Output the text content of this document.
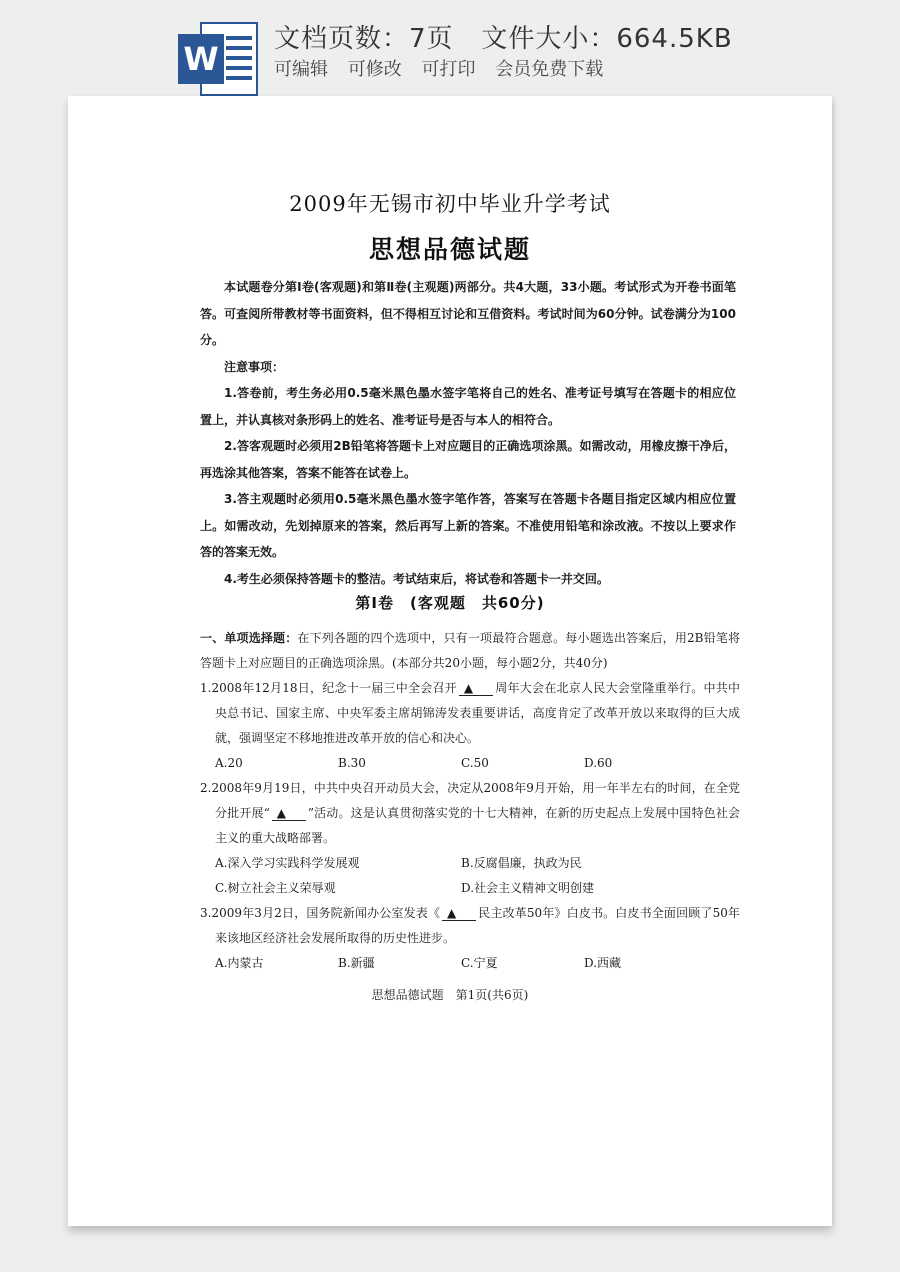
W
文档页数：7页   文件大小：664.5KB
可编辑 可修改 可打印 会员免费下载
2009年无锡市初中毕业升学考试
思想品德试题

本试题卷分第Ⅰ卷(客观题)和第Ⅱ卷(主观题)两部分。共4大题，33小题。考试形式为开卷书面笔答。可查阅所带教材等书面资料，但不得相互讨论和互借资料。考试时间为60分钟。试卷满分为100分。

注意事项：

1.答卷前，考生务必用0.5毫米黑色墨水签字笔将自己的姓名、准考证号填写在答题卡的相应位置上，并认真核对条形码上的姓名、准考证号是否与本人的相符合。

2.答客观题时必须用2B铅笔将答题卡上对应题目的正确选项涂黑。如需改动，用橡皮擦干净后，再选涂其他答案，答案不能答在试卷上。

3.答主观题时必须用0.5毫米黑色墨水签字笔作答，答案写在答题卡各题目指定区域内相应位置上。如需改动，先划掉原来的答案，然后再写上新的答案。不准使用铅笔和涂改液。不按以上要求作答的答案无效。

4.考生必须保持答题卡的整洁。考试结束后，将试卷和答题卡一并交回。

第Ⅰ卷　(客观题　共60分)

一、单项选择题：在下列各题的四个选项中，只有一项最符合题意。每小题选出答案后，用2B铅笔将答题卡上对应题目的正确选项涂黑。(本部分共20小题，每小题2分，共40分)

1.2008年12月18日，纪念十一届三中全会召开 ▲ 周年大会在北京人民大会堂隆重举行。中共中央总书记、国家主席、中央军委主席胡锦涛发表重要讲话，高度肯定了改革开放以来取得的巨大成就，强调坚定不移地推进改革开放的信心和决心。

A.20	B.30	C.50	D.60

2.2008年9月19日，中共中央召开动员大会，决定从2008年9月开始，用一年半左右的时间，在全党分批开展“ ▲ ”活动。这是认真贯彻落实党的十七大精神，在新的历史起点上发展中国特色社会主义的重大战略部署。

A.深入学习实践科学发展观	B.反腐倡廉，执政为民

C.树立社会主义荣辱观	D.社会主义精神文明创建

3.2009年3月2日，国务院新闻办公室发表《 ▲ 民主改革50年》白皮书。白皮书全面回顾了50年来该地区经济社会发展所取得的历史性进步。

A.内蒙古	B.新疆	C.宁夏	D.西藏

思想品德试题　第1页(共6页)
